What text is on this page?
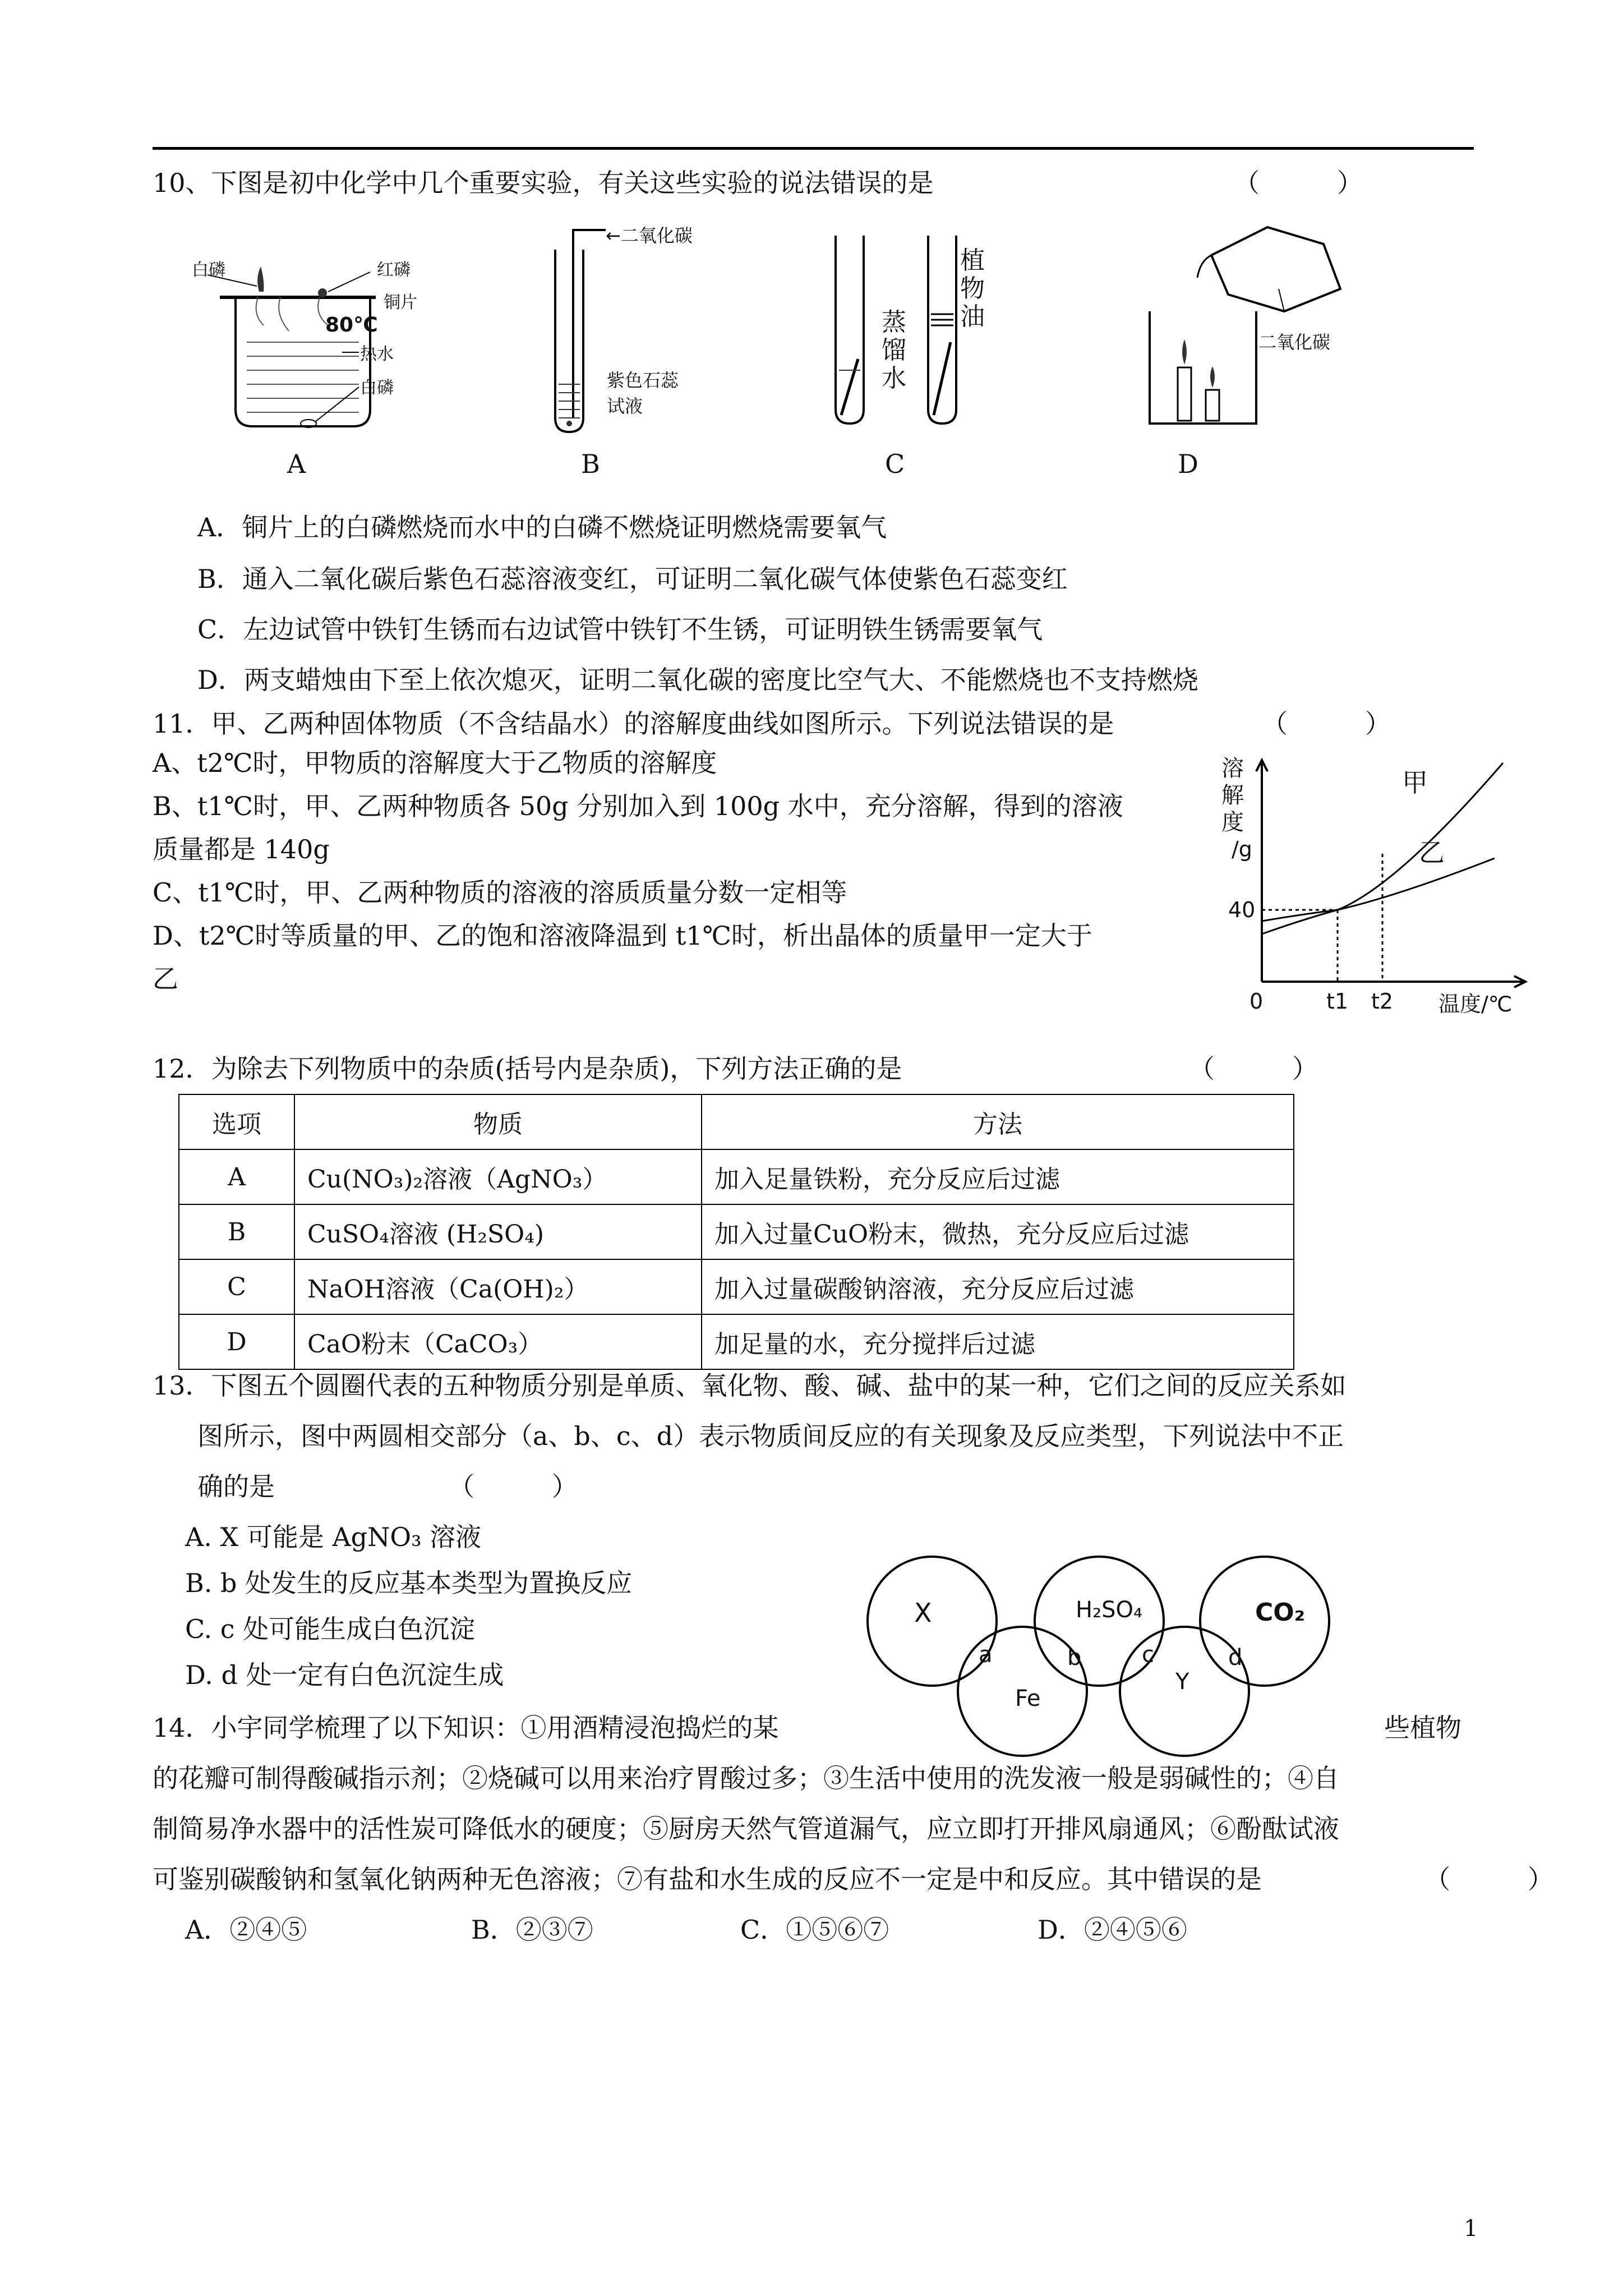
10、下图是初中化学中几个重要实验，有关这些实验的说法错误的是	（　　　）
白磷	红磷
铜片
80℃
热水
白磷
A
←二氧化碳
紫色石蕊
试液
B
蒸
馏
水
植
物
油
C
二氧化碳
D
A．铜片上的白磷燃烧而水中的白磷不燃烧证明燃烧需要氧气
B．通入二氧化碳后紫色石蕊溶液变红，可证明二氧化碳气体使紫色石蕊变红
C．左边试管中铁钉生锈而右边试管中铁钉不生锈，可证明铁生锈需要氧气
D．两支蜡烛由下至上依次熄灭，证明二氧化碳的密度比空气大、不能燃烧也不支持燃烧
11．甲、乙两种固体物质（不含结晶水）的溶解度曲线如图所示。下列说法错误的是	（　　　）
A、t2℃时，甲物质的溶解度大于乙物质的溶解度
B、t1℃时，甲、乙两种物质各 50g 分别加入到 100g 水中，充分溶解，得到的溶液
质量都是 140g
C、t1℃时，甲、乙两种物质的溶液的溶质质量分数一定相等
D、t2℃时等质量的甲、乙的饱和溶液降温到 t1℃时，析出晶体的质量甲一定大于
乙
溶
解
度
/g
40
0	t1 t2 温度/℃
甲
乙
12．为除去下列物质中的杂质(括号内是杂质)，下列方法正确的是	（　　　）
选项	物质	方法
A	Cu(NO₃)₂溶液（AgNO₃）	加入足量铁粉，充分反应后过滤
B	CuSO₄溶液 (H₂SO₄)	加入过量CuO粉末，微热，充分反应后过滤
C	NaOH溶液（Ca(OH)₂）	加入过量碳酸钠溶液，充分反应后过滤
D	CaO粉末（CaCO₃）	加足量的水，充分搅拌后过滤
13．下图五个圆圈代表的五种物质分别是单质、氧化物、酸、碱、盐中的某一种，它们之间的反应关系如
图所示，图中两圆相交部分（a、b、c、d）表示物质间反应的有关现象及反应类型，下列说法中不正
确的是	（　　　）
A. X 可能是 AgNO₃ 溶液
B. b 处发生的反应基本类型为置换反应
C. c 处可能生成白色沉淀
D. d 处一定有白色沉淀生成
X	H₂SO₄	CO₂
Fe
Y
a	b	c	d
14．小宇同学梳理了以下知识：①用酒精浸泡捣烂的某	些植物
的花瓣可制得酸碱指示剂；②烧碱可以用来治疗胃酸过多；③生活中使用的洗发液一般是弱碱性的；④自
制简易净水器中的活性炭可降低水的硬度；⑤厨房天然气管道漏气，应立即打开排风扇通风；⑥酚酞试液
可鉴别碳酸钠和氢氧化钠两种无色溶液；⑦有盐和水生成的反应不一定是中和反应。其中错误的是	（　　　）
A．②④⑤	B．②③⑦	C．①⑤⑥⑦	D．②④⑤⑥
1
